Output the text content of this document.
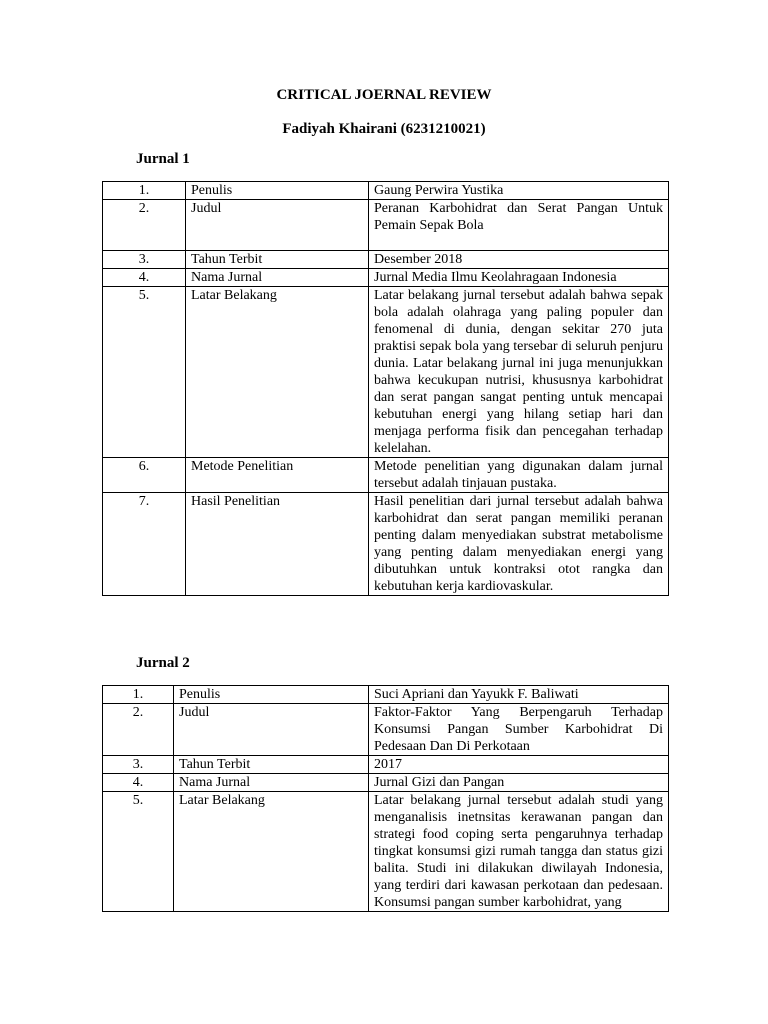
CRITICAL JOERNAL REVIEW
Fadiyah Khairani (6231210021)
Jurnal 1
1.	Penulis	Gaung Perwira Yustika
2.	Judul	Peranan Karbohidrat dan Serat Pangan Untuk Pemain Sepak Bola
3.	Tahun Terbit	Desember 2018
4.	Nama Jurnal	Jurnal Media Ilmu Keolahragaan Indonesia
5.	Latar Belakang	Latar belakang jurnal tersebut adalah bahwa sepak bola adalah olahraga yang paling populer dan fenomenal di dunia, dengan sekitar 270 juta praktisi sepak bola yang tersebar di seluruh penjuru dunia. Latar belakang jurnal ini juga menunjukkan bahwa kecukupan nutrisi, khususnya karbohidrat dan serat pangan sangat penting untuk mencapai kebutuhan energi yang hilang setiap hari dan menjaga performa fisik dan pencegahan terhadap kelelahan.
6.	Metode Penelitian	Metode penelitian yang digunakan dalam jurnal tersebut adalah tinjauan pustaka.
7.	Hasil Penelitian	Hasil penelitian dari jurnal tersebut adalah bahwa karbohidrat dan serat pangan memiliki peranan penting dalam menyediakan substrat metabolisme yang penting dalam menyediakan energi yang dibutuhkan untuk kontraksi otot rangka dan kebutuhan kerja kardiovaskular.
Jurnal 2
1.	Penulis	Suci Apriani dan Yayukk F. Baliwati
2.	Judul	Faktor-Faktor Yang Berpengaruh Terhadap Konsumsi Pangan Sumber Karbohidrat Di Pedesaan Dan Di Perkotaan
3.	Tahun Terbit	2017
4.	Nama Jurnal	Jurnal Gizi dan Pangan
5.	Latar Belakang	Latar belakang jurnal tersebut adalah studi yang menganalisis inetnsitas kerawanan pangan dan strategi food coping serta pengaruhnya terhadap tingkat konsumsi gizi rumah tangga dan status gizi balita. Studi ini dilakukan diwilayah Indonesia, yang terdiri dari kawasan perkotaan dan pedesaan. Konsumsi pangan sumber karbohidrat, yang
